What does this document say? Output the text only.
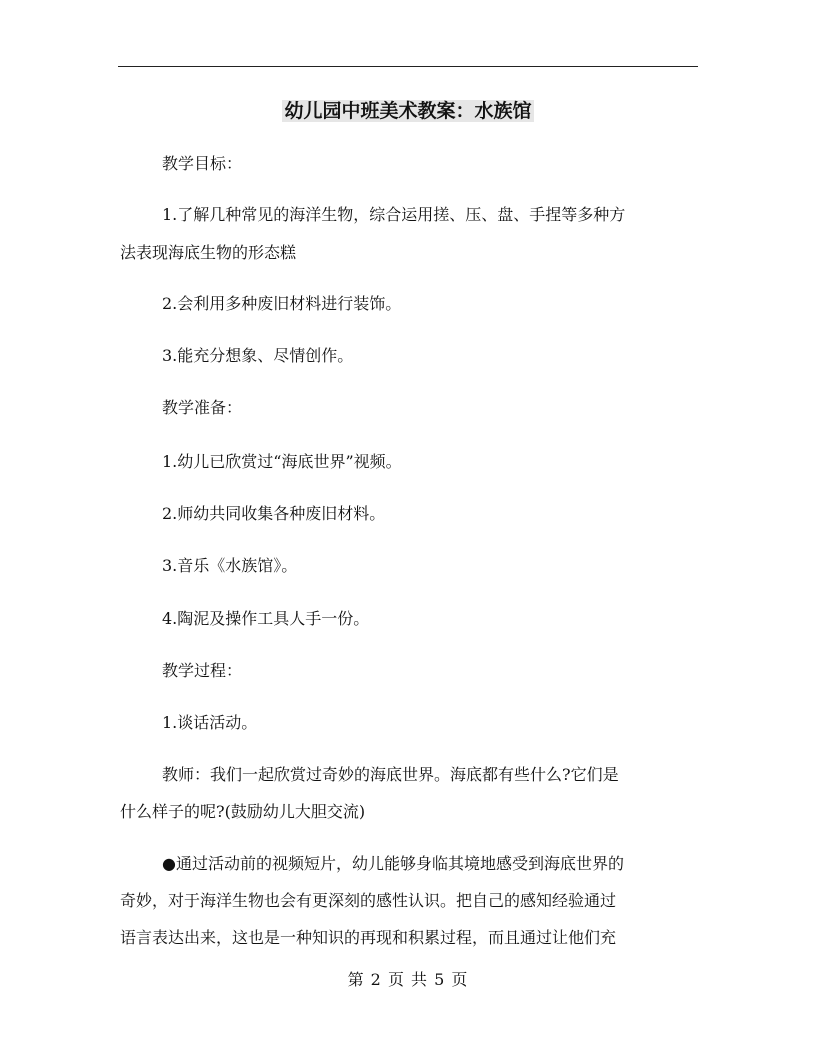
幼儿园中班美术教案：水族馆

教学目标：

1.了解几种常见的海洋生物，综合运用搓、压、盘、手捏等多种方

法表现海底生物的形态糕

2.会利用多种废旧材料进行装饰。

3.能充分想象、尽情创作。

教学准备：

1.幼儿已欣赏过“海底世界”视频。

2.师幼共同收集各种废旧材料。

3.音乐《水族馆》。

4.陶泥及操作工具人手一份。

教学过程：

1.谈话活动。

教师：我们一起欣赏过奇妙的海底世界。海底都有些什么?它们是

什么样子的呢?(鼓励幼儿大胆交流)

●通过活动前的视频短片，幼儿能够身临其境地感受到海底世界的

奇妙，对于海洋生物也会有更深刻的感性认识。把自己的感知经验通过

语言表达出来，这也是一种知识的再现和积累过程，而且通过让他们充

第 2 页 共 5 页
